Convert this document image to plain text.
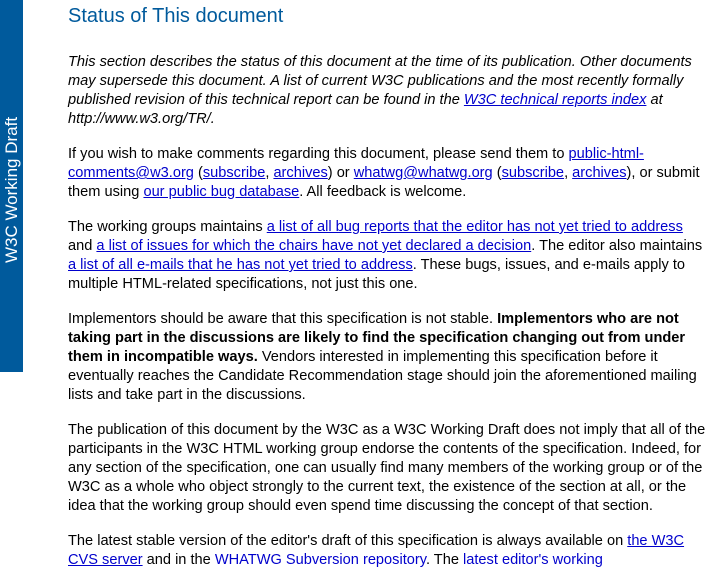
W3C Working Draft
Status of This document

This section describes the status of this document at the time of its publication. Other documents may supersede this document. A list of current W3C publications and the most recently formally published revision of this technical report can be found in the W3C technical reports index at http://www.w3.org/TR/.

If you wish to make comments regarding this document, please send them to public-html-comments@w3.org (subscribe, archives) or whatwg@whatwg.org (subscribe, archives), or submit them using our public bug database. All feedback is welcome.

The working groups maintains a list of all bug reports that the editor has not yet tried to address and a list of issues for which the chairs have not yet declared a decision. The editor also maintains a list of all e-mails that he has not yet tried to address. These bugs, issues, and e-mails apply to multiple HTML-related specifications, not just this one.

Implementors should be aware that this specification is not stable. Implementors who are not taking part in the discussions are likely to find the specification changing out from under them in incompatible ways. Vendors interested in implementing this specification before it eventually reaches the Candidate Recommendation stage should join the aforementioned mailing lists and take part in the discussions.

The publication of this document by the W3C as a W3C Working Draft does not imply that all of the participants in the W3C HTML working group endorse the contents of the specification. Indeed, for any section of the specification, one can usually find many members of the working group or of the W3C as a whole who object strongly to the current text, the existence of the section at all, or the idea that the working group should even spend time discussing the concept of that section.

The latest stable version of the editor's draft of this specification is always available on the W3C CVS server and in the WHATWG Subversion repository. The latest editor's working
